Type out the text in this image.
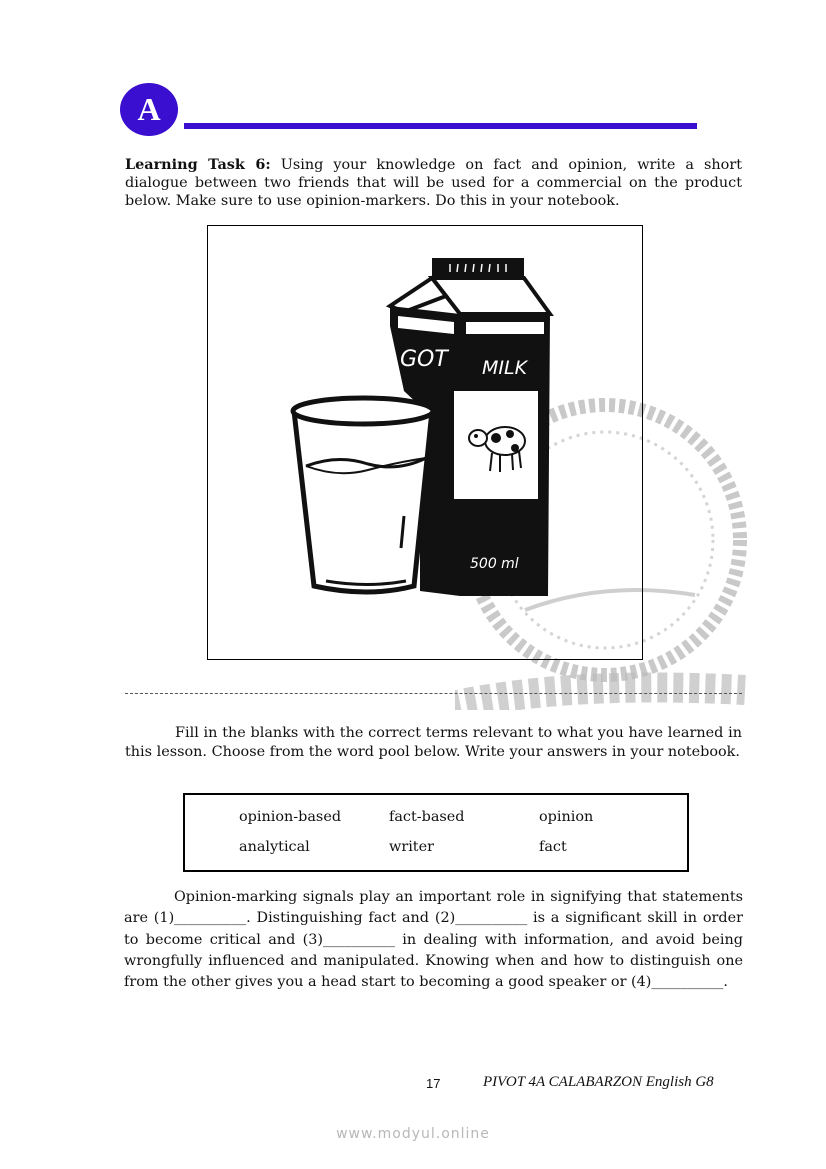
A

Learning Task 6: Using your knowledge on fact and opinion, write a short dialogue between two friends that will be used for a commercial on the product below. Make sure to use opinion-markers. Do this in your notebook.

GOT MILK
500 ml

Fill in the blanks with the correct terms relevant to what you have learned in this lesson. Choose from the word pool below. Write your answers in your notebook.

opinion-based	fact-based	opinion
analytical	writer	fact

Opinion-marking signals play an important role in signifying that statements are (1)__________. Distinguishing fact and (2)__________ is a significant skill in order to become critical and (3)__________ in dealing with information, and avoid being wrongfully influenced and manipulated. Knowing when and how to distinguish one from the other gives you a head start to becoming a good speaker or (4)__________.

17	PIVOT 4A CALABARZON English G8
www.modyul.online
